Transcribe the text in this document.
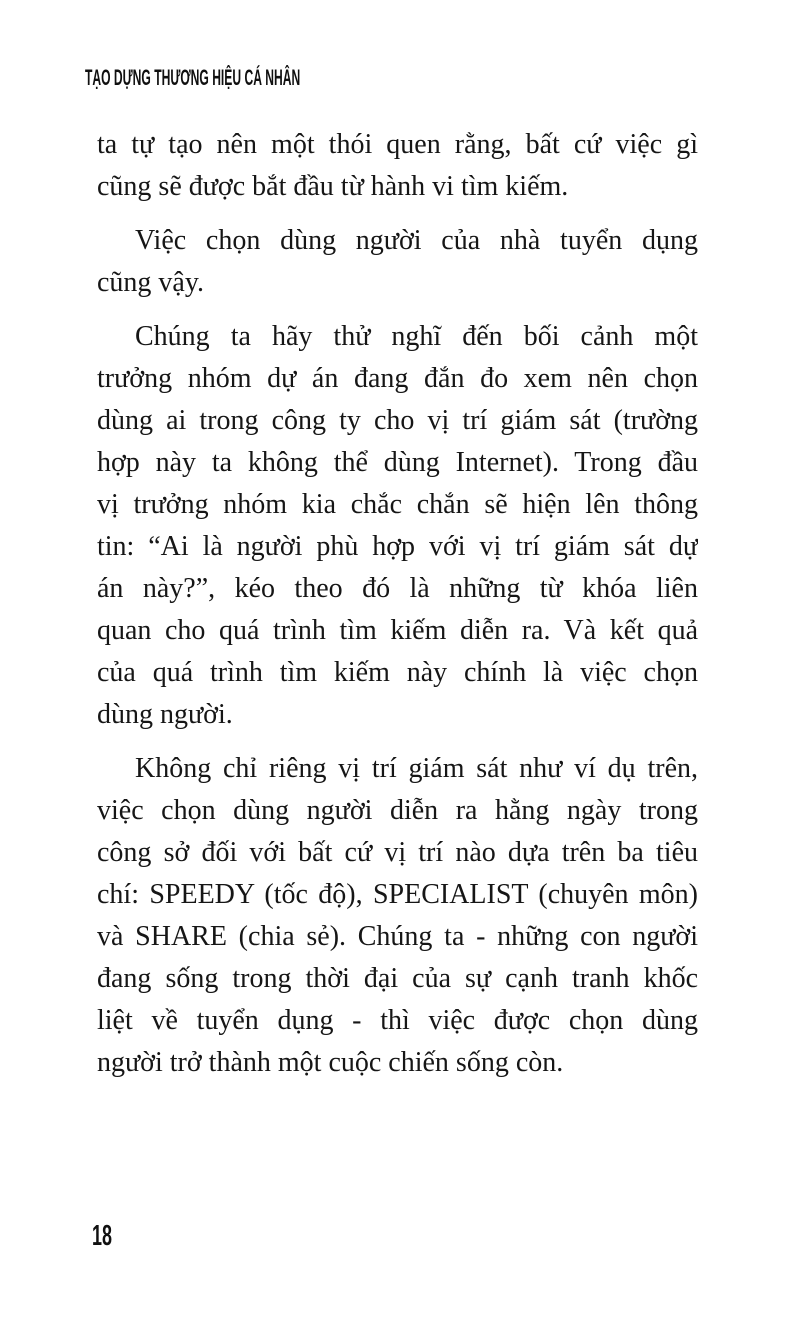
TẠO DỰNG THƯƠNG HIỆU CÁ NHÂN
ta tự tạo nên một thói quen rằng, bất cứ việc gì
cũng sẽ được bắt đầu từ hành vi tìm kiếm.
Việc chọn dùng người của nhà tuyển dụng
cũng vậy.
Chúng ta hãy thử nghĩ đến bối cảnh một
trưởng nhóm dự án đang đắn đo xem nên chọn
dùng ai trong công ty cho vị trí giám sát (trường
hợp này ta không thể dùng Internet). Trong đầu
vị trưởng nhóm kia chắc chắn sẽ hiện lên thông
tin: “Ai là người phù hợp với vị trí giám sát dự
án này?”, kéo theo đó là những từ khóa liên
quan cho quá trình tìm kiếm diễn ra. Và kết quả
của quá trình tìm kiếm này chính là việc chọn
dùng người.
Không chỉ riêng vị trí giám sát như ví dụ trên,
việc chọn dùng người diễn ra hằng ngày trong
công sở đối với bất cứ vị trí nào dựa trên ba tiêu
chí: SPEEDY (tốc độ), SPECIALIST (chuyên môn)
và SHARE (chia sẻ). Chúng ta - những con người
đang sống trong thời đại của sự cạnh tranh khốc
liệt về tuyển dụng - thì việc được chọn dùng
người trở thành một cuộc chiến sống còn.
18
